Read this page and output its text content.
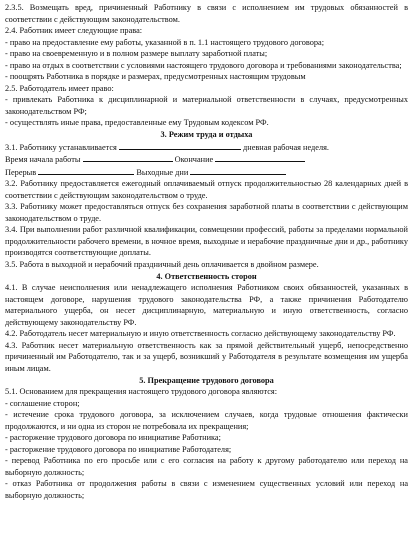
2.3.5. Возмещать вред, причиненный Работнику в связи с исполнением им трудовых обязанностей в соответствии с действующим законодательством.

2.4. Работник имеет следующие права:

- право на предоставление ему работы, указанной в п. 1.1 настоящего трудового договора;

- право на своевременную и в полном размере выплату заработной платы;

- право на отдых в соответствии с условиями настоящего трудового договора и требованиями законодательства;

- поощрять Работника в порядке и размерах, предусмотренных настоящим трудовым

2.5. Работодатель имеет право:

- привлекать Работника к дисциплинарной и материальной ответственности в случаях, предусмотренных законодательством РФ;

- осуществлять иные права, предоставленные ему Трудовым кодексом РФ.

3. Режим труда и отдыха

3.1. Работнику устанавливается	дневная рабочая неделя.

Время начала работы	Окончание

Перерыв	Выходные дни

3.2. Работнику предоставляется ежегодный оплачиваемый отпуск продолжительностью 28 календарных дней в соответствии с действующим законодательством о труде.

3.3. Работнику может предоставляться отпуск без сохранения заработной платы в соответствии с действующим законодательством о труде.

3.4. При выполнении работ различной квалификации, совмещении профессий, работы за пределами нормальной продолжительности рабочего времени, в ночное время, выходные и нерабочие праздничные дни и др., работнику производятся соответствующие доплаты.

3.5. Работа в выходной и нерабочий праздничный день оплачивается в двойном размере.

4. Ответственность сторон

4.1. В случае неисполнения или ненадлежащего исполнения Работником своих обязанностей, указанных в настоящем договоре, нарушения трудового законодательства РФ, а также причинения Работодателю материального ущерба, он несет дисциплинарную, материальную и иную ответственность, согласно действующему законодательству РФ.

4.2. Работодатель несет материальную и иную ответственность согласно действующему законодательству РФ.

4.3. Работник несет материальную ответственность как за прямой действительный ущерб, непосредственно причиненный им Работодателю, так и за ущерб, возникший у Работодателя в результате возмещения им ущерба иным лицам.

5. Прекращение трудового договора

5.1. Основанием для прекращения настоящего трудового договора являются:

- соглашение сторон;

- истечение срока трудового договора, за исключением случаев, когда трудовые отношения фактически продолжаются, и ни одна из сторон не потребовала их прекращения;

- расторжение трудового договора по инициативе Работника;

- расторжение трудового договора по инициативе Работодателя;

- перевод Работника по его просьбе или с его согласия на работу к другому работодателю или переход на выборную должность;

- отказ Работника от продолжения работы в связи с изменением существенных условий или переход на выборную должность;
